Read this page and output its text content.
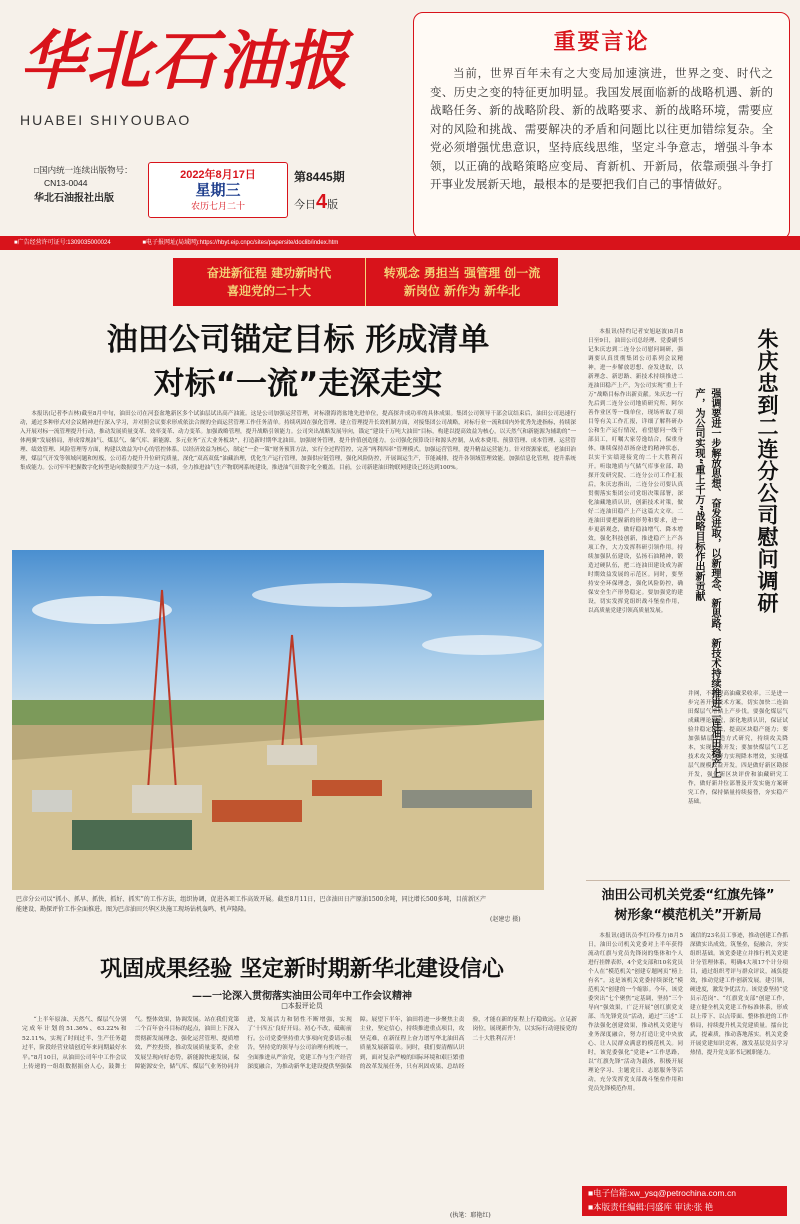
华北石油报
HUABEI SHIYOUBAO
□国内统一连续出版物号：
CN13-0044
华北石油报社出版
2022年8月17日
星期三
农历七月二十
第8445期
今日4版
重要言论

当前，世界百年未有之大变局加速演进，世界之变、时代之变、历史之变的特征更加明显。我国发展面临新的战略机遇、新的战略任务、新的战略阶段、新的战略要求、新的战略环境，需要应对的风险和挑战、需要解决的矛盾和问题比以往更加错综复杂。全党必须增强忧患意识，坚持底线思维，坚定斗争意志，增强斗争本领，以正确的战略策略应变局、育新机、开新局，依靠顽强斗争打开事业发展新天地，最根本的是要把我们自己的事情做好。

■广告经营许可证号:1309035000024	■电子报网址(局域网):https://hbyt.eip.cnpc/sites/papersite/doclib/index.htm
奋进新征程 建功新时代
喜迎党的二十大
转观念 勇担当 强管理 创一流
新岗位 新作为 新华北
油田公司锚定目标 形成清单
对标“一流”走深走实
本报讯(记者李吉林)截至8月中旬，油田公司在河套盆地新区多个试油层试出高产油流。这是公司加强运营管理，对标渤海湾盆地先进单位，提高探井成功率的具体成果。集团公司领导干部会议结束后，油田公司迅速行动，通过多种形式对会议精神进行深入学习，并对照会议要求形成依法合规的全面运营管理工作任务清单。持续巩固在强化管理、建立管理提升长效机制方面，对接集团公司战略，对标行业一流和国内外优秀先进指标，持续深入开展对标一流管理提升行动，推动发展质量变革、效率变革、动力变革。加强战略管理，提升战略引领能力。公司突出战略发展导向，锚定“建设千万吨大油田”目标，构建以提高效益为核心，以天然气和新能源为辅助的“一体两翼”发展格局，形成常规油气、煤层气、储气库、新能源、多元业务“五大业务板块”，打造新时期华北油田。加强财务管理，提升价值创造能力。公司强化预算设计和源头控制，从成本费用、预算管理、成本管理、运营管理、绩效管理、风险管理等方面，构建以效益为中心的管控体系，以经济效益为核心，制定“一企一策”财务预算方法，实行全过程管控，完善“两利四率”管理模式。加强运营管理，提升精益运营能力。针对资源家底，老油田治理，煤层气开发等领域问题和短板，公司着力提升升位研究质量，深化“双高双低”油藏治理，优化生产运行管理，加强供应链管理，强化风险防控，开展调运生产，节能减排，提升各领域管理效能。加强信息化管理，提升系统集成能力。公司牢牢把握数字化转型是向数据要生产力这一本质，全力推进油气生产物联网系统建设，推进油气田数字化全覆盖。目前，公司新建油田物联网建设已经达到100%。
巴彦分公司以“抓小、抓早、抓快、抓好、抓实”的工作方法，组织协调，促进各项工作高效开展。截至8月11日，巴彦油田日产原油1500余吨，同比增长500多吨，目前新区产能建设、勘探评价工作全面推进。图为巴彦油田兴华区块施工现场钻机轰鸣、机声隆隆。
(赵建忠 摄)
巩固成果经验 坚定新时期新华北建设信心
——一论深入贯彻落实油田公司年中工作会议精神
□本报评论员
“上半年原油、天然气、煤层气分别完成年计划的51.36%、63.22%和52.11%，实现了时间过半、生产任务超过半，阶段经营业绩创近年来同期最好水平。”8月10日，从油田公司年中工作会议上传递的一组组数据振奋人心，鼓舞士气。整体效果，协调发展。站在我们党第二个百年奋斗目标的起点，油田上下深入贯彻新发展理念、强化运营管理、提质增效、严控投资，推动发展质量变革，企业发展呈现向好态势，新能源快速发展，保障能源安全，储气库、煤层气业务协同并进，发展活力和韧性不断增强，实现了‘十四五’良好开局。初心不改，砥砺前行。公司党委坚持重大事项向党委请示报告，坚持党的领导与公司治理有机统一，全面推进从严治党，党建工作与生产经营深度融合，为推动新华北建设提供坚强保障。展望下半年，油田将进一步聚焦主责主业，坚定信心，持续推进重点项目，攻坚克难，在新征程上奋力谱写华北油田高质量发展新篇章。同时，我们要清醒认识到，面对复杂严峻的国际环境和艰巨繁重的改革发展任务，只有巩固成果、总结经验，才能在新的征程上行稳致远。立足新岗位，展现新作为，以实际行动迎接党的二十大胜利召开！
(执笔：耶艳红)
本报讯(特约记者安旭赵波)8月8日至9日，油田公司总经理、党委副书记朱庆忠到二连分公司慰问调研，强调要认真贯彻集团公司系列会议精神，进一步解放思想、奋发进取，以新理念、新思路、新技术持续推进二连油田稳产上产，为公司实现“重上千万”战略目标作出新贡献。朱庆忠一行先后到二连分公司地质研究所、阿尔善作业区等一线单位，现场听取了项目等有关工作汇报，详细了解科研办公和生产运行情况，看望慰问一线干部员工，叮嘱大家劳逸结合，保重身体，继续保持昂扬奋进的精神状态，以实干实绩迎接党的二十大胜利召开。听取地质与气储气库事业部、勘探开发研究院、二连分公司工作汇报后，朱庆忠指出，二连分公司要认真贯彻落实集团公司党组决策部署，深化油藏地质认识，创新技术对策，做好二连油田稳产上产这篇大文章。二连油田要把握新的形势和要求，进一步更新观念，做好稳油增气、降本增效，强化科技创新，推进稳产上产各项工作，大力发挥科研引领作用。持续加强队伍建设，弘扬石油精神，锻造过硬队伍，把二连油田建设成为新时期效益发展的示范区。同时，要坚持安全环保理念，强化风险防控，确保安全生产形势稳定。要加强党的建设，切实发挥党组织战斗堡垒作用，以高质量党建引领高质量发展。	朱庆忠到二连分公司慰问调研
强调要进一步解放思想、奋发进取，以新理念、新思路、新技术持续推进二连油田稳产上产，为公司实现“重上千万”战略目标作出新贡献
井网，不断提高油藏采收率。三是进一步完善开发技术方案，切实加快二连油田煤层气增储上产步伐。要强化煤层气成藏理论研究，深化地质认识，保证试验井稳定排采，提高区块稳产能力；要加强储层改造方式研究，持续攻关降本，实现效益开发；要加快煤层气工艺技术攻关，努力实现降本增效，实现煤层气规模效益开发。四是做好新区勘探开发，强化新区块评价和油藏研究工作，做好新井位部署及开发实施方案研究工作，保持储量持续接替，夯实稳产基础。
油田公司机关党委“红旗先锋”
树形象“模范机关”开新局
本报讯(通讯员李红玲蔡力)8月5日，油田公司机关党委对上半年获得流动红旗与党员先锋岗的集体和个人进行挂牌表彰，4个党支部和10名党员个人在“模范机关”创建专题网页“榜上有名”。这是该机关党委持续深化“模范机关”创建的一个缩影。今年，该党委突出“七个聚焦”定基调，坚持“三个导向”强效果，广泛开展“创红旗党支部、当先锋党员”活动，通过“三述”工作法强化创建效果，推动机关党建与业务深度融合，努力打造让党中央放心、让人民群众满意的模范机关。同时，该党委强化“党建+”工作思路，以“红旗先锋”活动为载体，积极开展理论学习、主题党日、志愿服务等活动，充分发挥党支部战斗堡垒作用和党员先锋模范作用。
诚信的23名员工事迹，推动创建工作抓深做实出成效。筑堡垒，促融合，夯实组织基础。该党委建立并推行机关党建计分管理体系，明确4大项17个计分项目，通过组织考评与群众评议，减负提效，推动党建工作创新发展。建引领，硬进度，激发争优活力。该党委坚持“党员示范岗”、“红旗党支部”创建工作，建立健全机关党建工作标准体系，形成以上带下、以点带面、整体推进的工作格局，持续提升机关党建质量。擂台比武，提素质，推动落地落实。机关党委开展党建知识竞赛，激发基层党员学习热情，提升党支部书记履职能力。
■电子信箱:xw_ysq@petrochina.com.cn
■本版责任编辑:闫盛库 审读:张 艳
